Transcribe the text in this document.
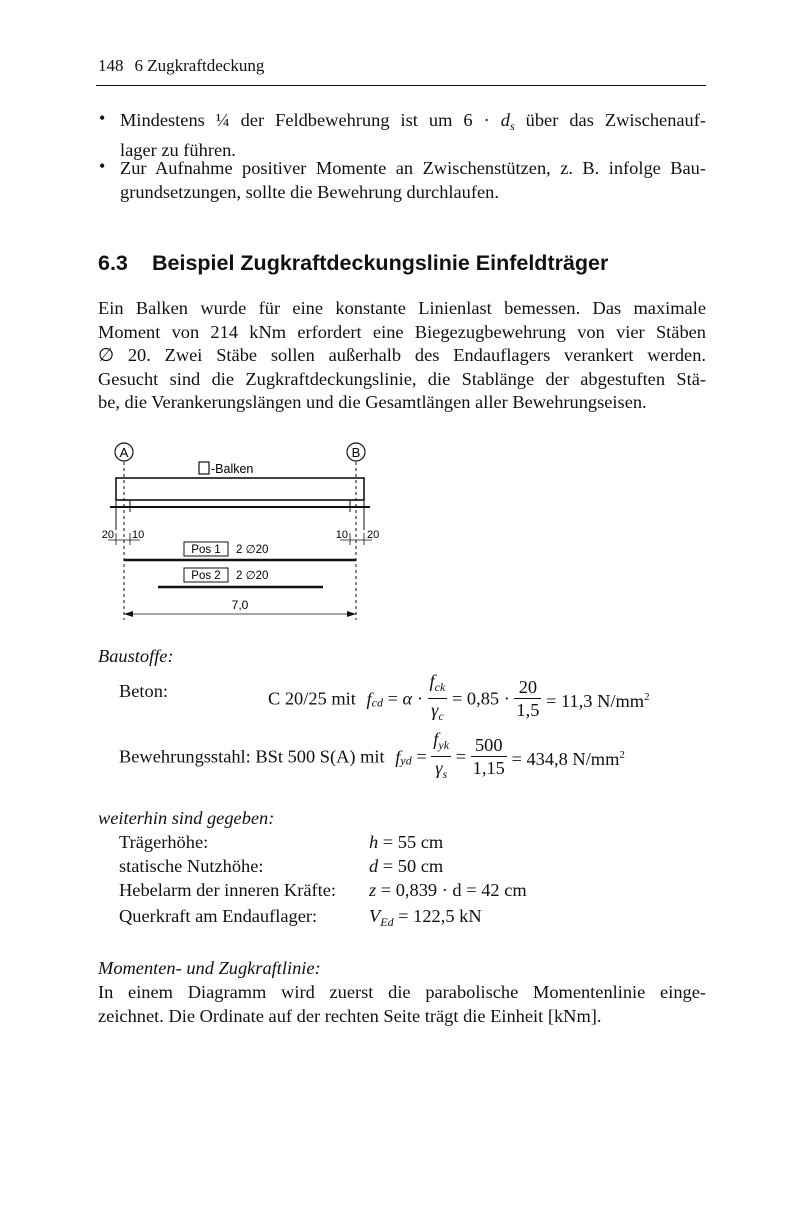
148 6 Zugkraftdeckung
• Mindestens ¼ der Feldbewehrung ist um $6 \cdot d_s$ über das Zwischenauf-
lager zu führen.
• Zur Aufnahme positiver Momente an Zwischenstützen, z. B. infolge Bau-
grundsetzungen, sollte die Bewehrung durchlaufen.
6.3 Beispiel Zugkraftdeckungslinie Einfeldträger
Ein Balken wurde für eine konstante Linienlast bemessen. Das maximale
Moment von 214 kNm erfordert eine Biegezugbewehrung von vier Stäben
∅ 20. Zwei Stäbe sollen außerhalb des Endauflagers verankert werden.
Gesucht sind die Zugkraftdeckungslinie, die Stablänge der abgestuften Stä-
be, die Verankerungslängen und die Gesamtlängen aller Bewehrungseisen.
A	B
-Balken
20 10	10 20
Pos 1 2 ∅20
Pos 2 2 ∅20
7,0
Baustoffe:
Beton:	C 20/25 mit $f_{cd} = \alpha \cdot \frac{f_{ck}}{\gamma_c} = 0,85 \cdot \frac{20}{1,5} = 11,3$ $N/mm^2$
Bewehrungsstahl: BSt 500 S(A) mit $f_{yd} = \frac{f_{yk}}{\gamma_s} = \frac{500}{1,15} = 434,8$ $N/mm^2$
weiterhin sind gegeben:
Trägerhöhe:	h = 55 cm
statische Nutzhöhe:	d = 50 cm
Hebelarm der inneren Kräfte: z = 0,839 · d = 42 cm
Querkraft am Endauflager:	$V_{Ed} = 122,5$ kN
Momenten- und Zugkraftlinie:
In einem Diagramm wird zuerst die parabolische Momentenlinie einge-
zeichnet. Die Ordinate auf der rechten Seite trägt die Einheit [kNm].
